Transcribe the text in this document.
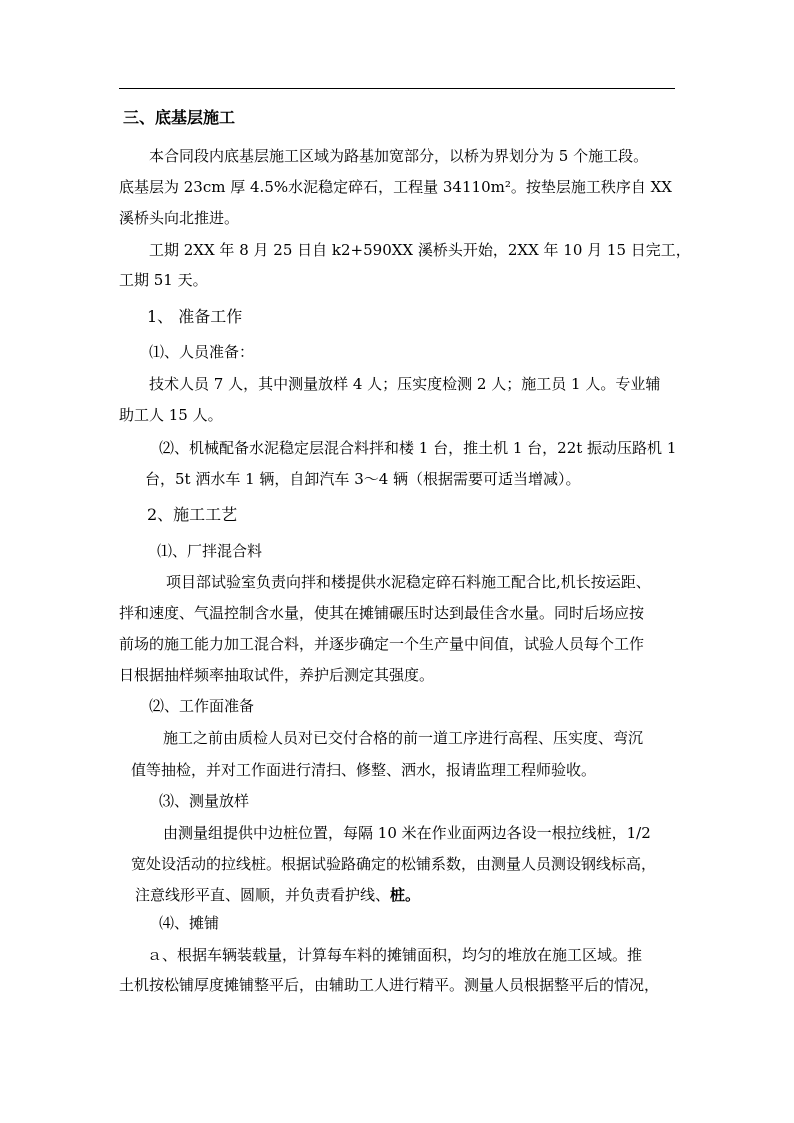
三、底基层施工
本合同段内底基层施工区域为路基加宽部分，以桥为界划分为 5 个施工段。
底基层为 23cm 厚 4.5%水泥稳定碎石，工程量 34110m²。按垫层施工秩序自 XX
溪桥头向北推进。
工期 2XX 年 8 月 25 日自 k2+590XX 溪桥头开始，2XX 年 10 月 15 日完工，
工期 51 天。
1、 准备工作
⑴、人员准备：
技术人员 7 人，其中测量放样 4 人；压实度检测 2 人；施工员 1 人。专业辅
助工人 15 人。
⑵、机械配备水泥稳定层混合料拌和楼 1 台，推土机 1 台，22t 振动压路机 1
台，5t 洒水车 1 辆，自卸汽车 3～4 辆（根据需要可适当增减）。
2、施工工艺
⑴、厂拌混合料
项目部试验室负责向拌和楼提供水泥稳定碎石料施工配合比,机长按运距、
拌和速度、气温控制含水量，使其在摊铺碾压时达到最佳含水量。同时后场应按
前场的施工能力加工混合料，并逐步确定一个生产量中间值，试验人员每个工作
日根据抽样频率抽取试件，养护后测定其强度。
⑵、工作面准备
施工之前由质检人员对已交付合格的前一道工序进行高程、压实度、弯沉
值等抽检，并对工作面进行清扫、修整、洒水，报请监理工程师验收。
⑶、测量放样
由测量组提供中边桩位置，每隔 10 米在作业面两边各设一根拉线桩，1/2
宽处设活动的拉线桩。根据试验路确定的松铺系数，由测量人员测设钢线标高，
注意线形平直、圆顺，并负责看护线、桩。
⑷、摊铺
ａ、根据车辆装载量，计算每车料的摊铺面积，均匀的堆放在施工区域。推
土机按松铺厚度摊铺整平后，由辅助工人进行精平。测量人员根据整平后的情况，
